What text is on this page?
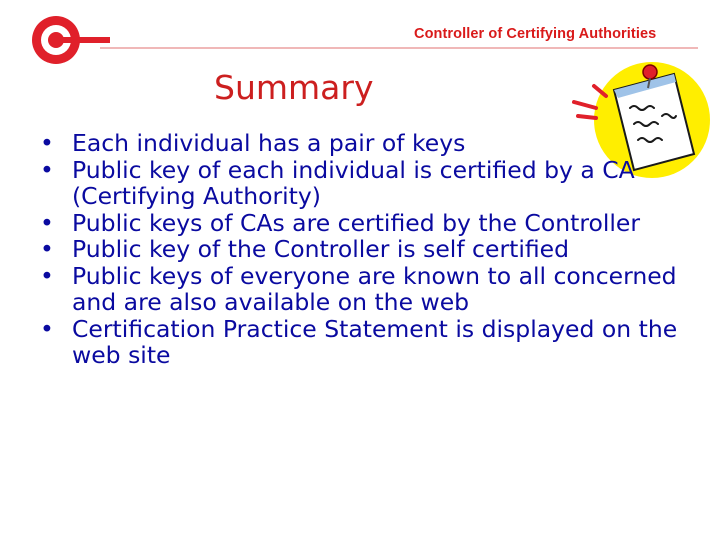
Controller of Certifying Authorities
Summary
• Each individual has a pair of keys
• Public key of each individual is certified by a CA (Certifying Authority)
• Public keys of CAs are certified by the Controller
• Public key of the Controller is self certified
• Public keys of everyone are known to all concerned and are also available on the web
• Certification Practice Statement is displayed on the web site
